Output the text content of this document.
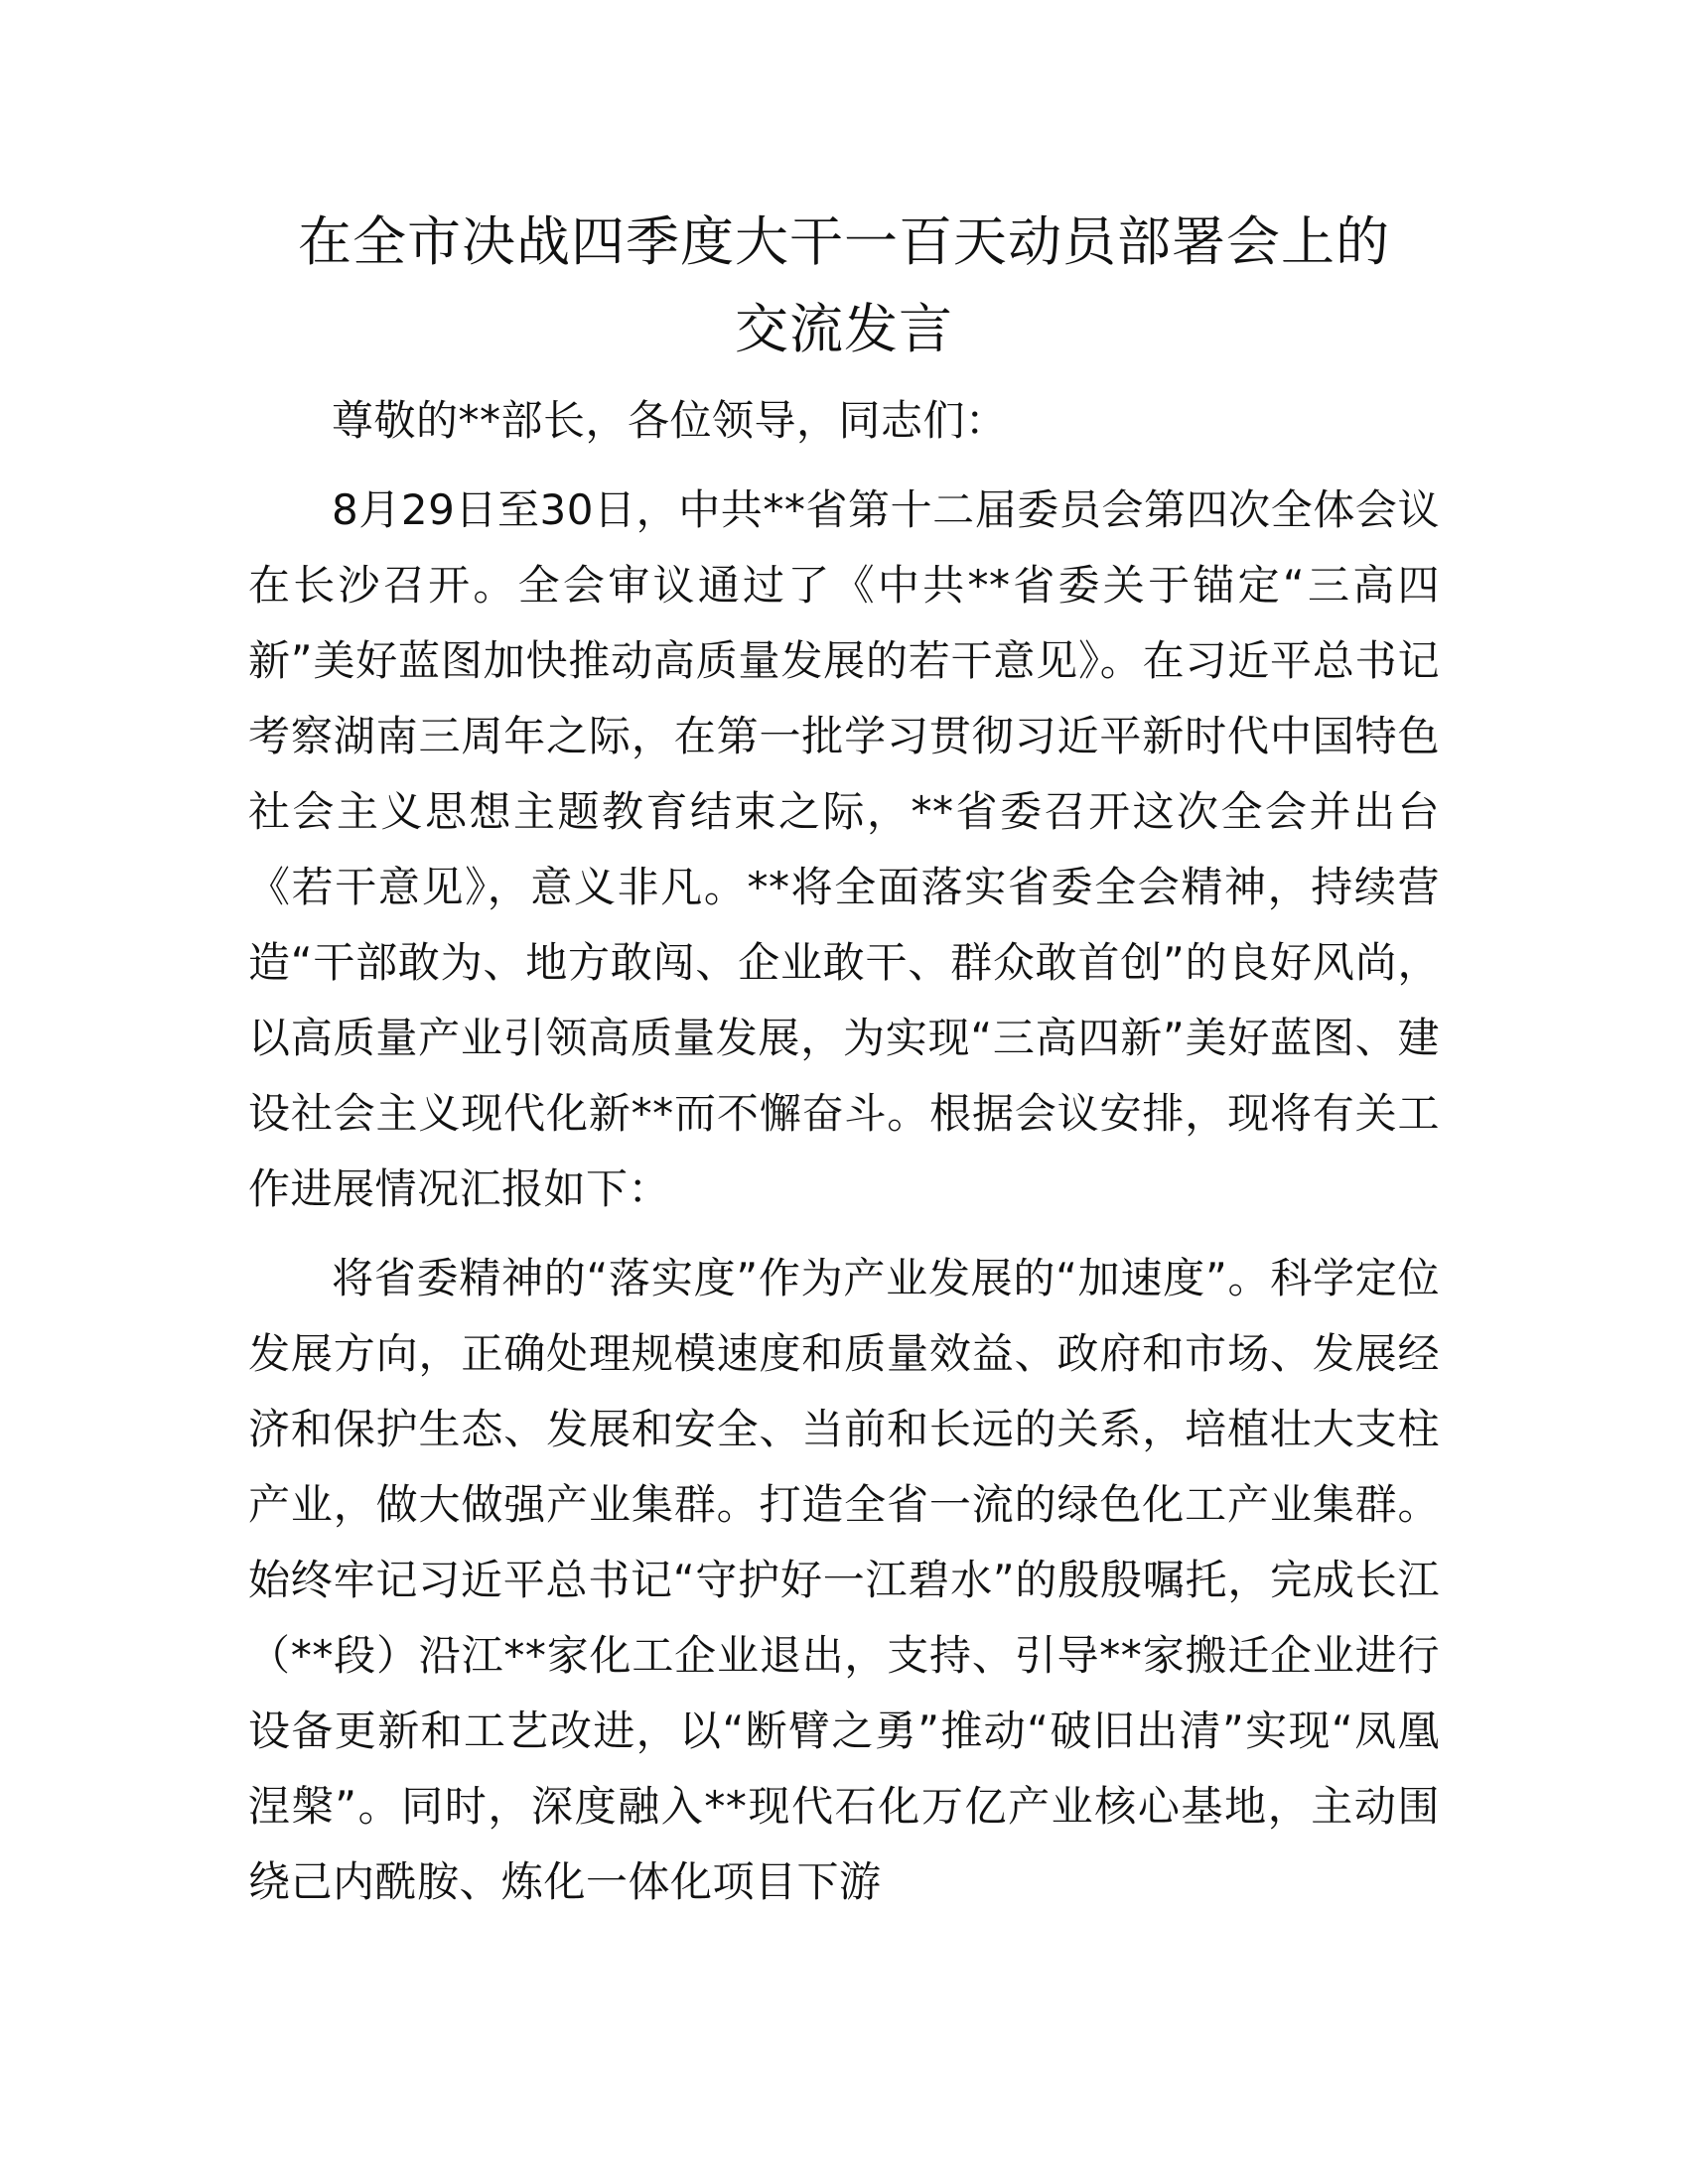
在全市决战四季度大干一百天动员部署会上的
交流发言

尊敬的**部长，各位领导，同志们：

8月29日至30日，中共**省第十二届委员会第四次全体会议在长沙召开。全会审议通过了《中共**省委关于锚定“三高四新”美好蓝图加快推动高质量发展的若干意见》。在习近平总书记考察湖南三周年之际，在第一批学习贯彻习近平新时代中国特色社会主义思想主题教育结束之际，**省委召开这次全会并出台《若干意见》，意义非凡。**将全面落实省委全会精神，持续营造“干部敢为、地方敢闯、企业敢干、群众敢首创”的良好风尚，以高质量产业引领高质量发展，为实现“三高四新”美好蓝图、建设社会主义现代化新**而不懈奋斗。根据会议安排，现将有关工作进展情况汇报如下：

将省委精神的“落实度”作为产业发展的“加速度”。科学定位发展方向，正确处理规模速度和质量效益、政府和市场、发展经济和保护生态、发展和安全、当前和长远的关系，培植壮大支柱产业，做大做强产业集群。打造全省一流的绿色化工产业集群。始终牢记习近平总书记“守护好一江碧水”的殷殷嘱托，完成长江（**段）沿江**家化工企业退出，支持、引导**家搬迁企业进行设备更新和工艺改进，以“断臂之勇”推动“破旧出清”实现“凤凰涅槃”。同时，深度融入**现代石化万亿产业核心基地，主动围绕己内酰胺、炼化一体化项目下游
